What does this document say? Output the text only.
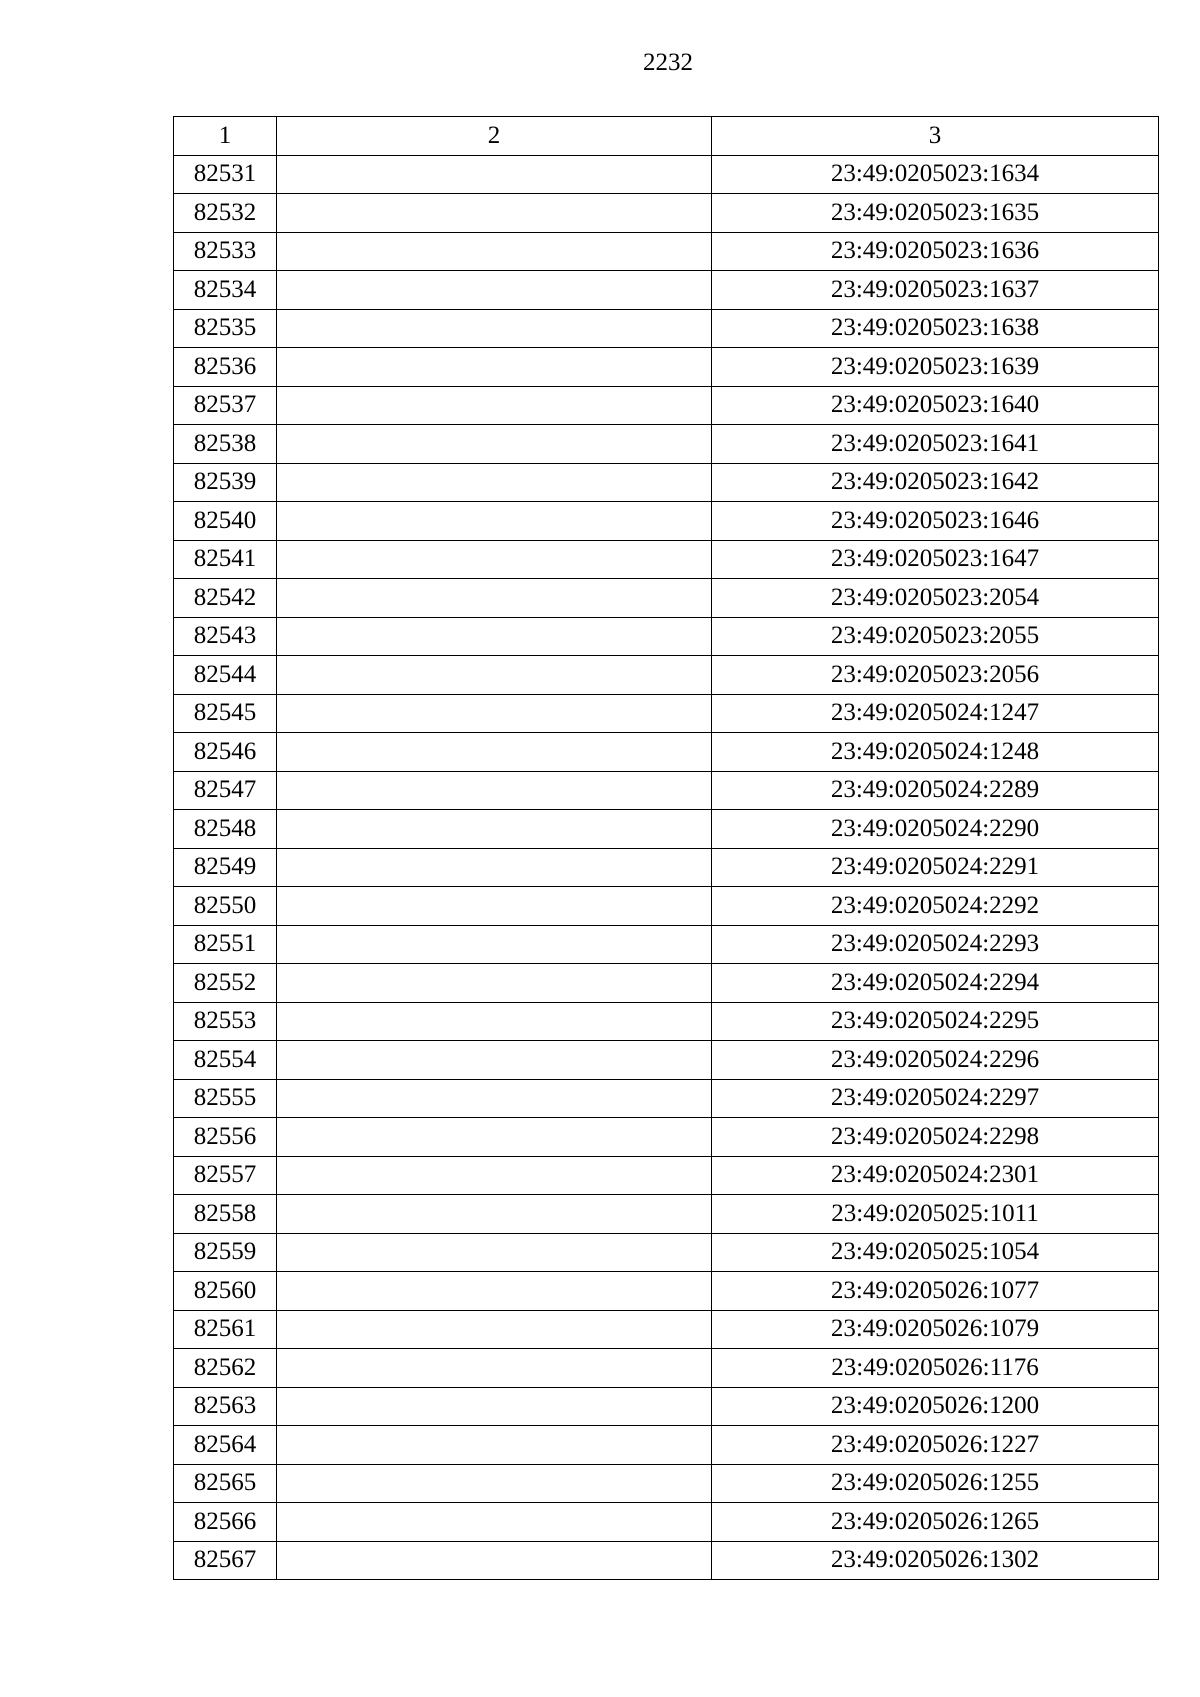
2232
1	2	3
82531		23:49:0205023:1634
82532		23:49:0205023:1635
82533		23:49:0205023:1636
82534		23:49:0205023:1637
82535		23:49:0205023:1638
82536		23:49:0205023:1639
82537		23:49:0205023:1640
82538		23:49:0205023:1641
82539		23:49:0205023:1642
82540		23:49:0205023:1646
82541		23:49:0205023:1647
82542		23:49:0205023:2054
82543		23:49:0205023:2055
82544		23:49:0205023:2056
82545		23:49:0205024:1247
82546		23:49:0205024:1248
82547		23:49:0205024:2289
82548		23:49:0205024:2290
82549		23:49:0205024:2291
82550		23:49:0205024:2292
82551		23:49:0205024:2293
82552		23:49:0205024:2294
82553		23:49:0205024:2295
82554		23:49:0205024:2296
82555		23:49:0205024:2297
82556		23:49:0205024:2298
82557		23:49:0205024:2301
82558		23:49:0205025:1011
82559		23:49:0205025:1054
82560		23:49:0205026:1077
82561		23:49:0205026:1079
82562		23:49:0205026:1176
82563		23:49:0205026:1200
82564		23:49:0205026:1227
82565		23:49:0205026:1255
82566		23:49:0205026:1265
82567		23:49:0205026:1302
